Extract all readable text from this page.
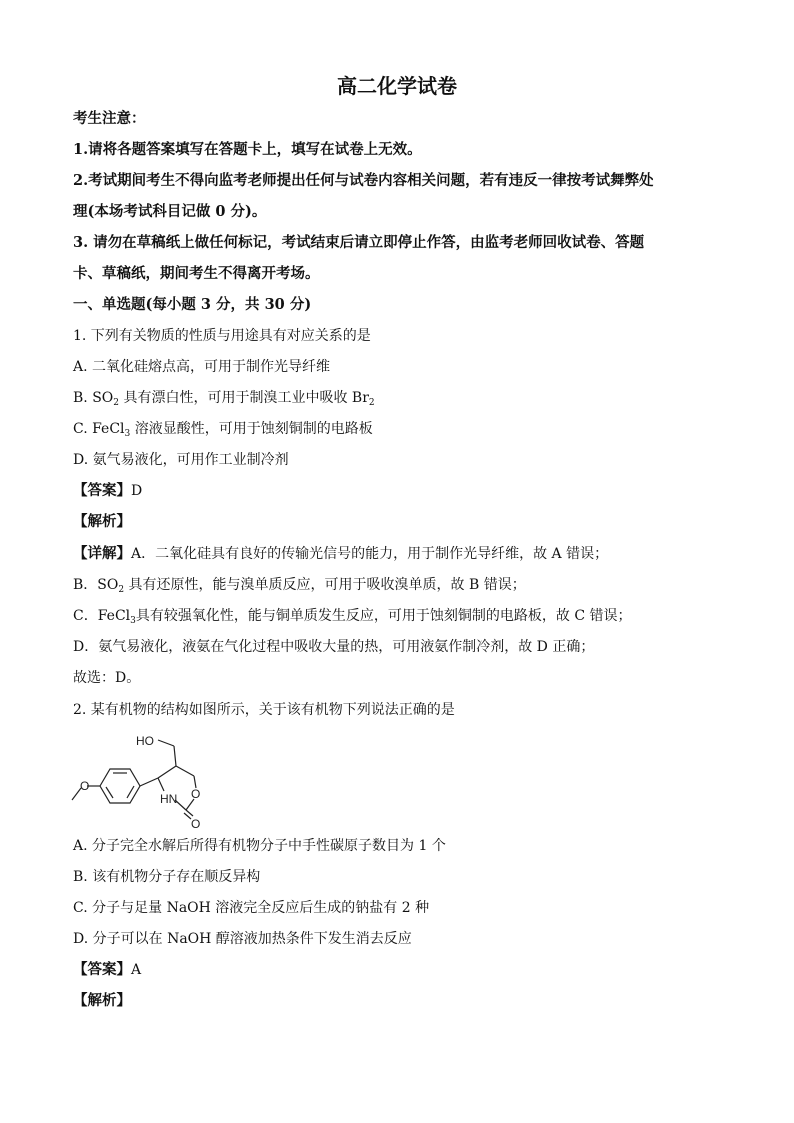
高二化学试卷
考生注意：
1.请将各题答案填写在答题卡上，填写在试卷上无效。
2.考试期间考生不得向监考老师提出任何与试卷内容相关问题，若有违反一律按考试舞弊处
理(本场考试科目记做 0 分)。
3. 请勿在草稿纸上做任何标记，考试结束后请立即停止作答，由监考老师回收试卷、答题
卡、草稿纸，期间考生不得离开考场。
一、单选题(每小题 3 分，共 30 分)
1. 下列有关物质的性质与用途具有对应关系的是
A. 二氧化硅熔点高，可用于制作光导纤维
B. $SO_2$ 具有漂白性，可用于制溴工业中吸收 $Br_2$
C. FeCl$_3$ 溶液显酸性，可用于蚀刻铜制的电路板
D. 氨气易液化，可用作工业制冷剂
【答案】D
【解析】
【详解】A．二氧化硅具有良好的传输光信号的能力，用于制作光导纤维，故 A 错误；
B．$SO_2$ 具有还原性，能与溴单质反应，可用于吸收溴单质，故 B 错误；
C．FeCl$_3$具有较强氧化性，能与铜单质发生反应，可用于蚀刻铜制的电路板，故 C 错误；
D．氨气易液化，液氨在气化过程中吸收大量的热，可用液氨作制冷剂，故 D 正确；
故选：D。
2. 某有机物的结构如图所示，关于该有机物下列说法正确的是
HO
O
O
HN
O
A. 分子完全水解后所得有机物分子中手性碳原子数目为 1 个
B. 该有机物分子存在顺反异构
C. 分子与足量 NaOH 溶液完全反应后生成的钠盐有 2 种
D. 分子可以在 NaOH 醇溶液加热条件下发生消去反应
【答案】A
【解析】
